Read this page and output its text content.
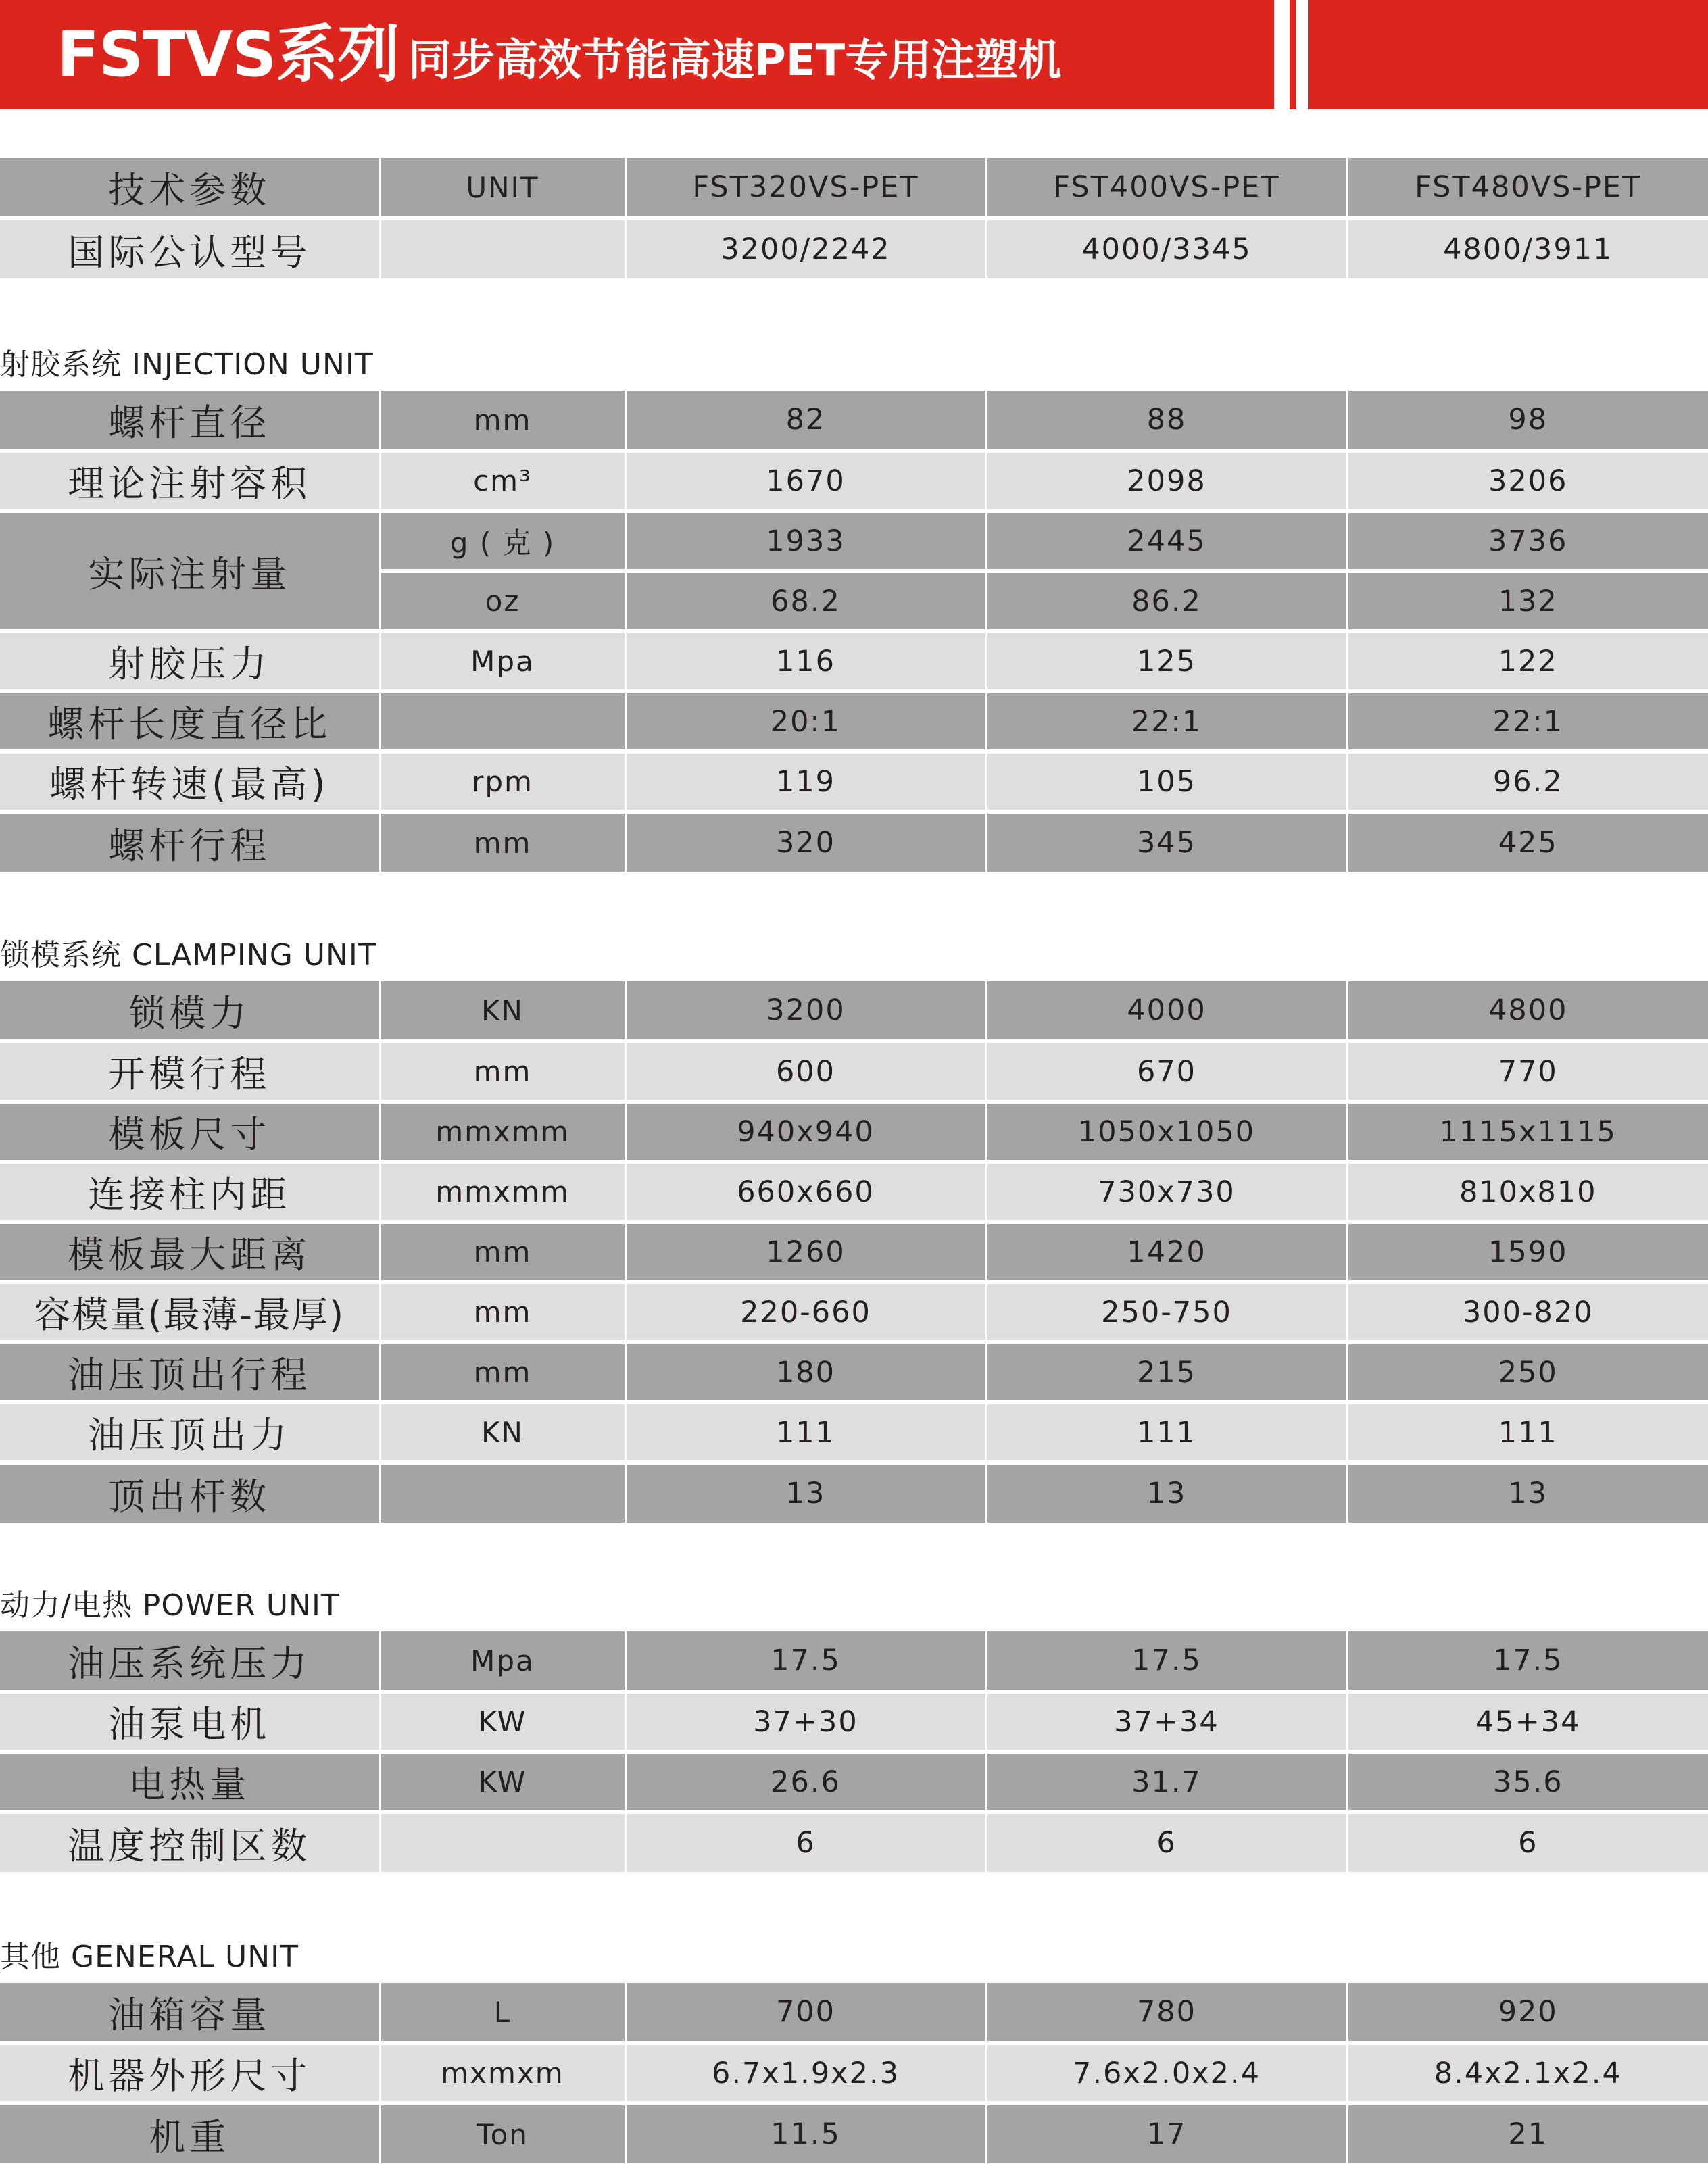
FSTVS系列 同步高效节能高速PET专用注塑机
技术参数	UNIT	FST320VS-PET	FST400VS-PET	FST480VS-PET
国际公认型号		3200/2242	4000/3345	4800/3911
射胶系统 INJECTION UNIT
螺杆直径	mm	82	88	98
理论注射容积	cm³	1670	2098	3206
实际注射量	g ( 克 )	1933	2445	3736
	oz	68.2	86.2	132
射胶压力	Mpa	116	125	122
螺杆长度直径比		20:1	22:1	22:1
螺杆转速(最高)	rpm	119	105	96.2
螺杆行程	mm	320	345	425
锁模系统 CLAMPING UNIT
锁模力	KN	3200	4000	4800
开模行程	mm	600	670	770
模板尺寸	mmxmm	940x940	1050x1050	1115x1115
连接柱内距	mmxmm	660x660	730x730	810x810
模板最大距离	mm	1260	1420	1590
容模量(最薄-最厚)	mm	220-660	250-750	300-820
油压顶出行程	mm	180	215	250
油压顶出力	KN	111	111	111
顶出杆数		13	13	13
动力/电热 POWER UNIT
油压系统压力	Mpa	17.5	17.5	17.5
油泵电机	KW	37+30	37+34	45+34
电热量	KW	26.6	31.7	35.6
温度控制区数		6	6	6
其他 GENERAL UNIT
油箱容量	L	700	780	920
机器外形尺寸	mxmxm	6.7x1.9x2.3	7.6x2.0x2.4	8.4x2.1x2.4
机重	Ton	11.5	17	21
